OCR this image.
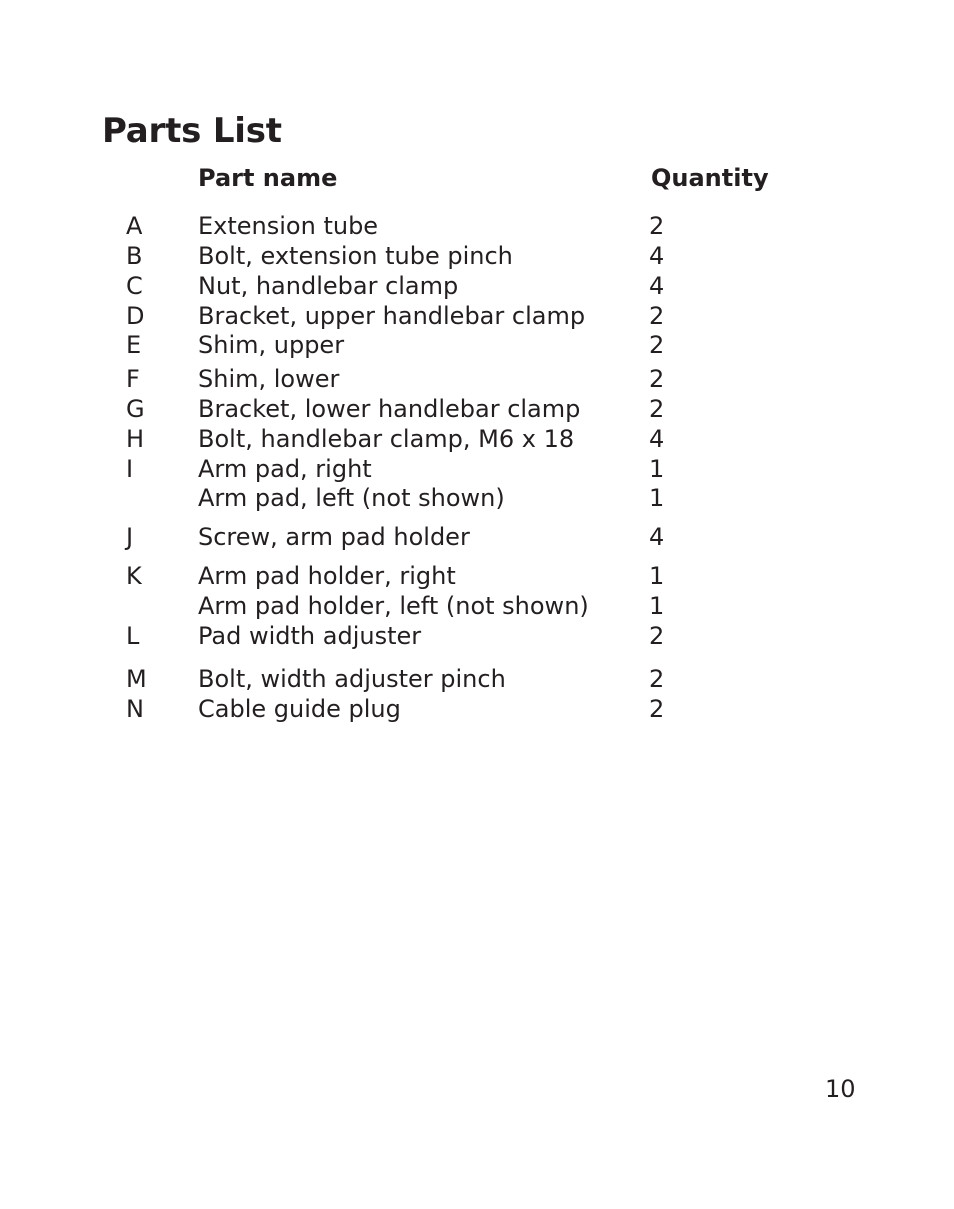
Parts List
Part name	Quantity
A Extension tube	2
B Bolt, extension tube pinch	4
C Nut, handlebar clamp	4
D Bracket, upper handlebar clamp	2
E Shim, upper	2
F Shim, lower	2
G Bracket, lower handlebar clamp	2
H Bolt, handlebar clamp, M6 x 18	4
I	Arm pad, right	1
Arm pad, left (not shown)	1
J	Screw, arm pad holder	4
K Arm pad holder, right	1
Arm pad holder, left (not shown)	1
L Pad width adjuster	2
M Bolt, width adjuster pinch	2
N Cable guide plug	2
10
